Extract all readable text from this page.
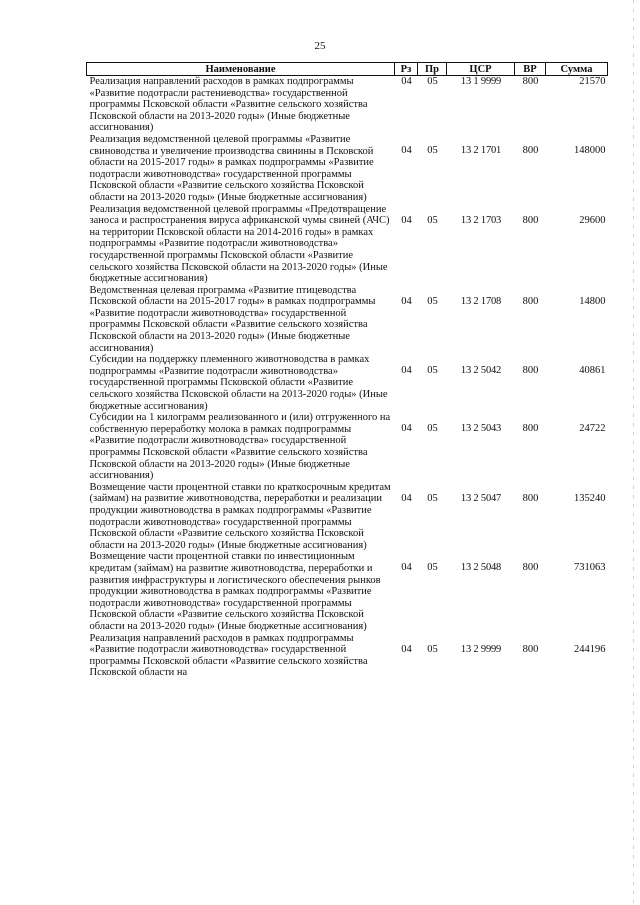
25
Наименование	Рз	Пр	ЦСР	ВР	Сумма
Реализация направлений расходов в рамках подпрограммы «Развитие подотрасли растениеводства» государственной программы Псковской области «Развитие сельского хозяйства Псковской области на 2013-2020 годы» (Иные бюджетные ассигнования)	04	05	13 1 9999	800	21570
Реализация ведомственной целевой программы «Развитие свиноводства и увеличение производства свинины в Псковской области на 2015-2017 годы» в рамках подпрограммы «Развитие подотрасли животноводства» государственной программы Псковской области «Развитие сельского хозяйства Псковской области на 2013-2020 годы» (Иные бюджетные ассигнования)	04	05	13 2 1701	800	148000
Реализация ведомственной целевой программы «Предотвращение заноса и распространения вируса африканской чумы свиней (АЧС) на территории Псковской области на 2014-2016 годы» в рамках подпрограммы «Развитие подотрасли животноводства» государственной программы Псковской области «Развитие сельского хозяйства Псковской области на 2013-2020 годы» (Иные бюджетные ассигнования)	04	05	13 2 1703	800	29600
Ведомственная целевая программа «Развитие птицеводства Псковской области на 2015-2017 годы» в рамках подпрограммы «Развитие подотрасли животноводства» государственной программы Псковской области «Развитие сельского хозяйства Псковской области на 2013-2020 годы» (Иные бюджетные ассигнования)	04	05	13 2 1708	800	14800
Субсидии на поддержку племенного животноводства в рамках подпрограммы «Развитие подотрасли животноводства» государственной программы Псковской области «Развитие сельского хозяйства Псковской области на 2013-2020 годы» (Иные бюджетные ассигнования)	04	05	13 2 5042	800	40861
Субсидии на 1 килограмм реализованного и (или) отгруженного на собственную переработку молока в рамках подпрограммы «Развитие подотрасли животноводства» государственной программы Псковской области «Развитие сельского хозяйства Псковской области на 2013-2020 годы» (Иные бюджетные ассигнования)	04	05	13 2 5043	800	24722
Возмещение части процентной ставки по краткосрочным кредитам (займам) на развитие животноводства, переработки и реализации продукции животноводства в рамках подпрограммы «Развитие подотрасли животноводства» государственной программы Псковской области «Развитие сельского хозяйства Псковской области на 2013-2020 годы» (Иные бюджетные ассигнования)	04	05	13 2 5047	800	135240
Возмещение части процентной ставки по инвестиционным кредитам (займам) на развитие животноводства, переработки и развития инфраструктуры и логистического обеспечения рынков продукции животноводства в рамках подпрограммы «Развитие подотрасли животноводства» государственной программы Псковской области «Развитие сельского хозяйства Псковской области на 2013-2020 годы» (Иные бюджетные ассигнования)	04	05	13 2 5048	800	731063
Реализация направлений расходов в рамках подпрограммы «Развитие подотрасли животноводства» государственной программы Псковской области «Развитие сельского хозяйства Псковской области на	04	05	13 2 9999	800	244196
